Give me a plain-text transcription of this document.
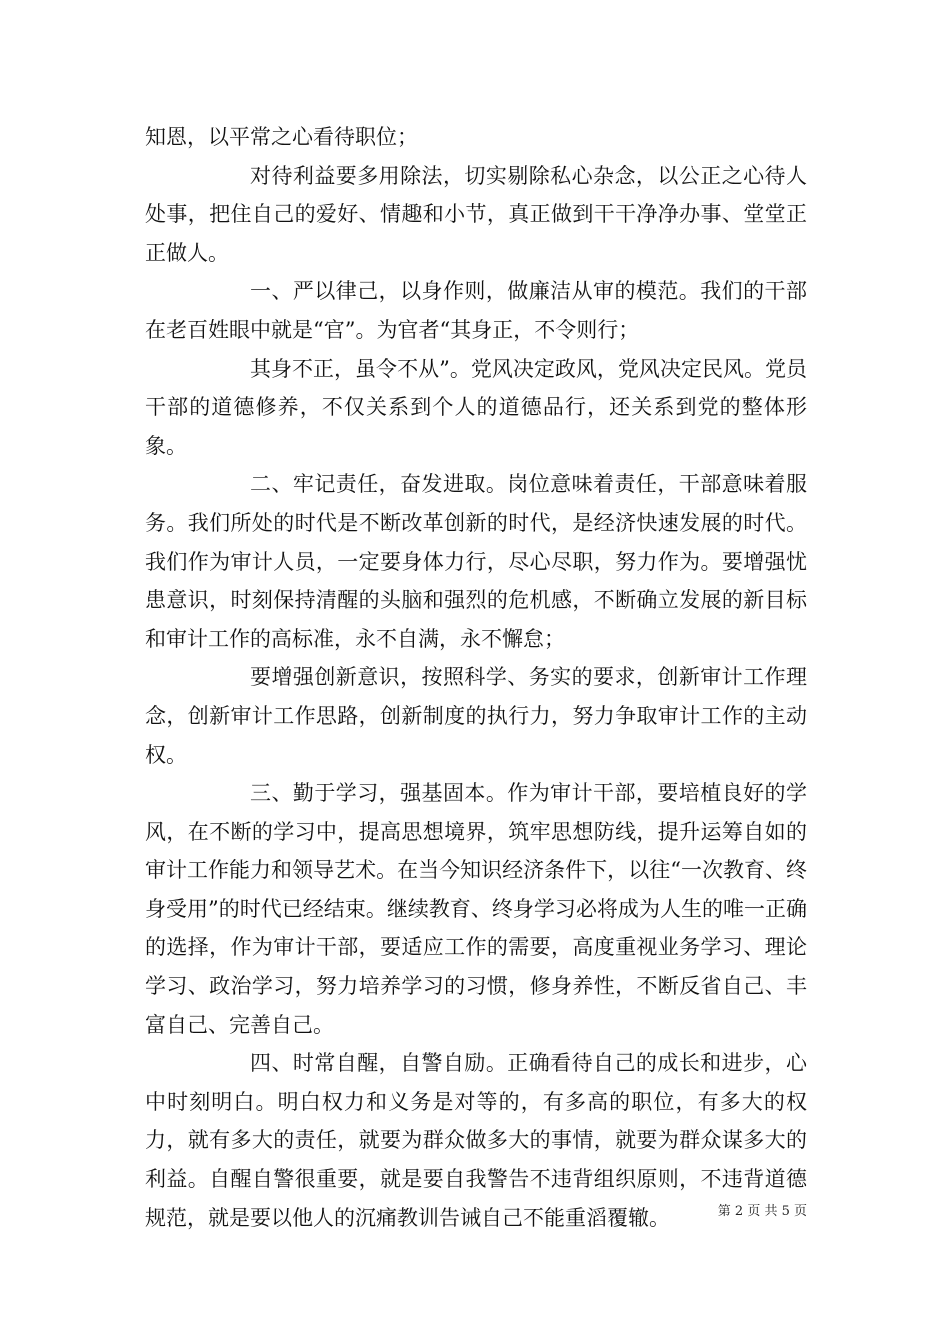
知恩，以平常之心看待职位；

对待利益要多用除法，切实剔除私心杂念，以公正之心待人处事，把住自己的爱好、情趣和小节，真正做到干干净净办事、堂堂正正做人。

一、严以律己，以身作则，做廉洁从审的模范。我们的干部在老百姓眼中就是“官”。为官者“其身正，不令则行；

其身不正，虽令不从”。党风决定政风，党风决定民风。党员干部的道德修养，不仅关系到个人的道德品行，还关系到党的整体形象。

二、牢记责任，奋发进取。岗位意味着责任，干部意味着服务。我们所处的时代是不断改革创新的时代，是经济快速发展的时代。我们作为审计人员，一定要身体力行，尽心尽职，努力作为。要增强忧患意识，时刻保持清醒的头脑和强烈的危机感，不断确立发展的新目标和审计工作的高标准，永不自满，永不懈怠；

要增强创新意识，按照科学、务实的要求，创新审计工作理念，创新审计工作思路，创新制度的执行力，努力争取审计工作的主动权。

三、勤于学习，强基固本。作为审计干部，要培植良好的学风，在不断的学习中，提高思想境界，筑牢思想防线，提升运筹自如的审计工作能力和领导艺术。在当今知识经济条件下，以往“一次教育、终身受用”的时代已经结束。继续教育、终身学习必将成为人生的唯一正确的选择，作为审计干部，要适应工作的需要，高度重视业务学习、理论学习、政治学习，努力培养学习的习惯，修身养性，不断反省自己、丰富自己、完善自己。

四、时常自醒，自警自励。正确看待自己的成长和进步，心中时刻明白。明白权力和义务是对等的，有多高的职位，有多大的权力，就有多大的责任，就要为群众做多大的事情，就要为群众谋多大的利益。自醒自警很重要，就是要自我警告不违背组织原则，不违背道德规范，就是要以他人的沉痛教训告诫自己不能重滔覆辙。	第 2 页 共 5 页
